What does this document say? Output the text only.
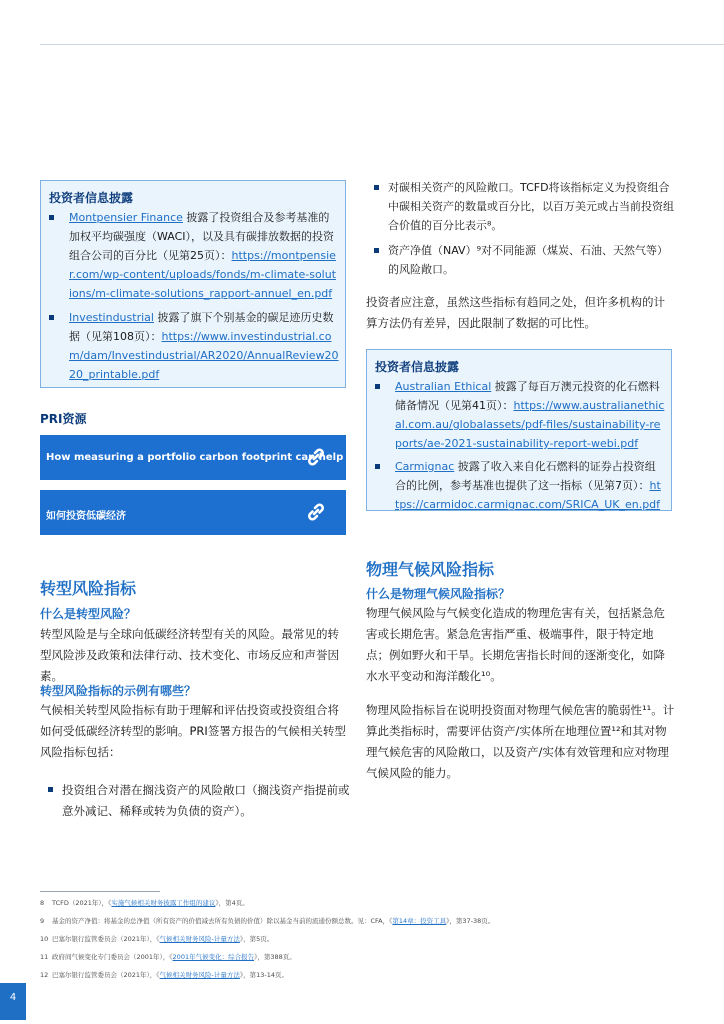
投资者信息披露
Montpensier Finance 披露了投资组合及参考基准的加权平均碳强度（WACI），以及具有碳排放数据的投资组合公司的百分比（见第25页）：https://montpensier.com/wp-content/uploads/fonds/m-climate-solutions/m-climate-solutions_rapport-annuel_en.pdf
Investindustrial 披露了旗下个别基金的碳足迹历史数据（见第108页）：https://www.investindustrial.com/dam/Investindustrial/AR2020/AnnualReview2020_printable.pdf
PRI资源
How measuring a portfolio carbon footprint can help
如何投资低碳经济
转型风险指标
什么是转型风险？
转型风险是与全球向低碳经济转型有关的风险。最常见的转型风险涉及政策和法律行动、技术变化、市场反应和声誉因素。
转型风险指标的示例有哪些？
气候相关转型风险指标有助于理解和评估投资或投资组合将如何受低碳经济转型的影响。PRI签署方报告的气候相关转型风险指标包括：
投资组合对潜在搁浅资产的风险敞口（搁浅资产指提前或意外减记、稀释或转为负债的资产）。
对碳相关资产的风险敞口。TCFD将该指标定义为投资组合中碳相关资产的数量或百分比，以百万美元或占当前投资组合价值的百分比表示⁸。
资产净值（NAV）⁹对不同能源（煤炭、石油、天然气等）的风险敞口。
投资者应注意，虽然这些指标有趋同之处，但许多机构的计算方法仍有差异，因此限制了数据的可比性。
投资者信息披露
Australian Ethical 披露了每百万澳元投资的化石燃料储备情况（见第41页）：https://www.australianethical.com.au/globalassets/pdf-files/sustainability-reports/ae-2021-sustainability-report-webi.pdf
Carmignac 披露了收入来自化石燃料的证券占投资组合的比例，参考基准也提供了这一指标（见第7页）：https://carmidoc.carmignac.com/SRICA_UK_en.pdf
物理气候风险指标
什么是物理气候风险指标？
物理气候风险与气候变化造成的物理危害有关，包括紧急危害或长期危害。紧急危害指严重、极端事件，限于特定地点；例如野火和干旱。长期危害指长时间的逐渐变化，如降水水平变动和海洋酸化¹⁰。
物理风险指标旨在说明投资面对物理气候危害的脆弱性¹¹。计算此类指标时，需要评估资产/实体所在地理位置¹²和其对物理气候危害的风险敞口，以及资产/实体有效管理和应对物理气候风险的能力。
8 TCFD（2021年），《实施气候相关财务披露工作组的建议》，第4页。
9 基金的资产净值：将基金的总净值（所有资产的价值减去所有负债的价值）除以基金当前的流通份额总数。见：CFA，《第14章：投资工具》，第37-38页。
10 巴塞尔银行监管委员会（2021年），《气候相关财务风险-计量方法》，第5页。
11 政府间气候变化专门委员会（2001年），《2001年气候变化：综合报告》，第388页。
12 巴塞尔银行监管委员会（2021年），《气候相关财务风险-计量方法》，第13-14页。
4
